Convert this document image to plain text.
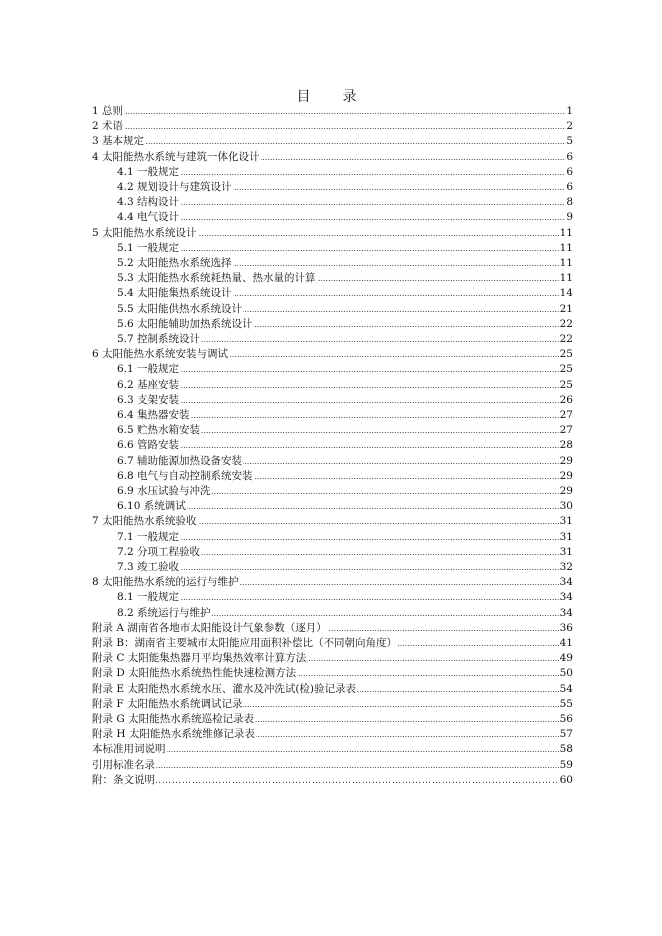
目　录
.....
1 总则	1
.....
2 术语	2
.....
3 基本规定	5
.....
4 太阳能热水系统与建筑一体化设计	6
.....
4.1 一般规定	6
.....
4.2 规划设计与建筑设计	6
.....
4.3 结构设计	8
.....
4.4 电气设计	9
.....
5 太阳能热水系统设计	11
.....
5.1 一般规定	11
.....
5.2 太阳能热水系统选择	11
.....
5.3 太阳能热水系统耗热量、热水量的计算	11
.....
5.4 太阳能集热系统设计	14
.....
5.5 太阳能供热水系统设计	21
.....
5.6 太阳能辅助加热系统设计	22
.....
5.7 控制系统设计	22
.....
6 太阳能热水系统安装与调试	25
.....
6.1 一般规定	25
.....
6.2 基座安装	25
.....
6.3 支架安装	26
.....
6.4 集热器安装	27
.....
6.5 贮热水箱安装	27
.....
6.6 管路安装	28
.....
6.7 辅助能源加热设备安装	29
.....
6.8 电气与自动控制系统安装	29
.....
6.9 水压试验与冲洗	29
.....
6.10 系统调试	30
.....
7 太阳能热水系统验收	31
.....
7.1 一般规定	31
.....
7.2 分项工程验收	31
.....
7.3 竣工验收	32
.....
8 太阳能热水系统的运行与维护	34
.....
8.1 一般规定	34
.....
8.2 系统运行与维护	34
.....
附录 A 湖南省各地市太阳能设计气象参数（逐月）	36
.....
附录 B：湖南省主要城市太阳能应用面积补偿比（不同朝向角度）	41
.....
附录 C 太阳能集热器月平均集热效率计算方法	49
.....
附录 D 太阳能热水系统热性能快速检测方法	50
.....
附录 E 太阳能热水系统水压、灌水及冲洗试(检)验记录表	54
.....
附录 F 太阳能热水系统调试记录	55
.....
附录 G 太阳能热水系统巡检记录表	56
.....
附录 H 太阳能热水系统维修记录表	57
.....
本标准用词说明	58
.....
引用标准名录	59
…………………………………………………………………………………………………………………………………………………………………………………………………
附：条文说明	60
